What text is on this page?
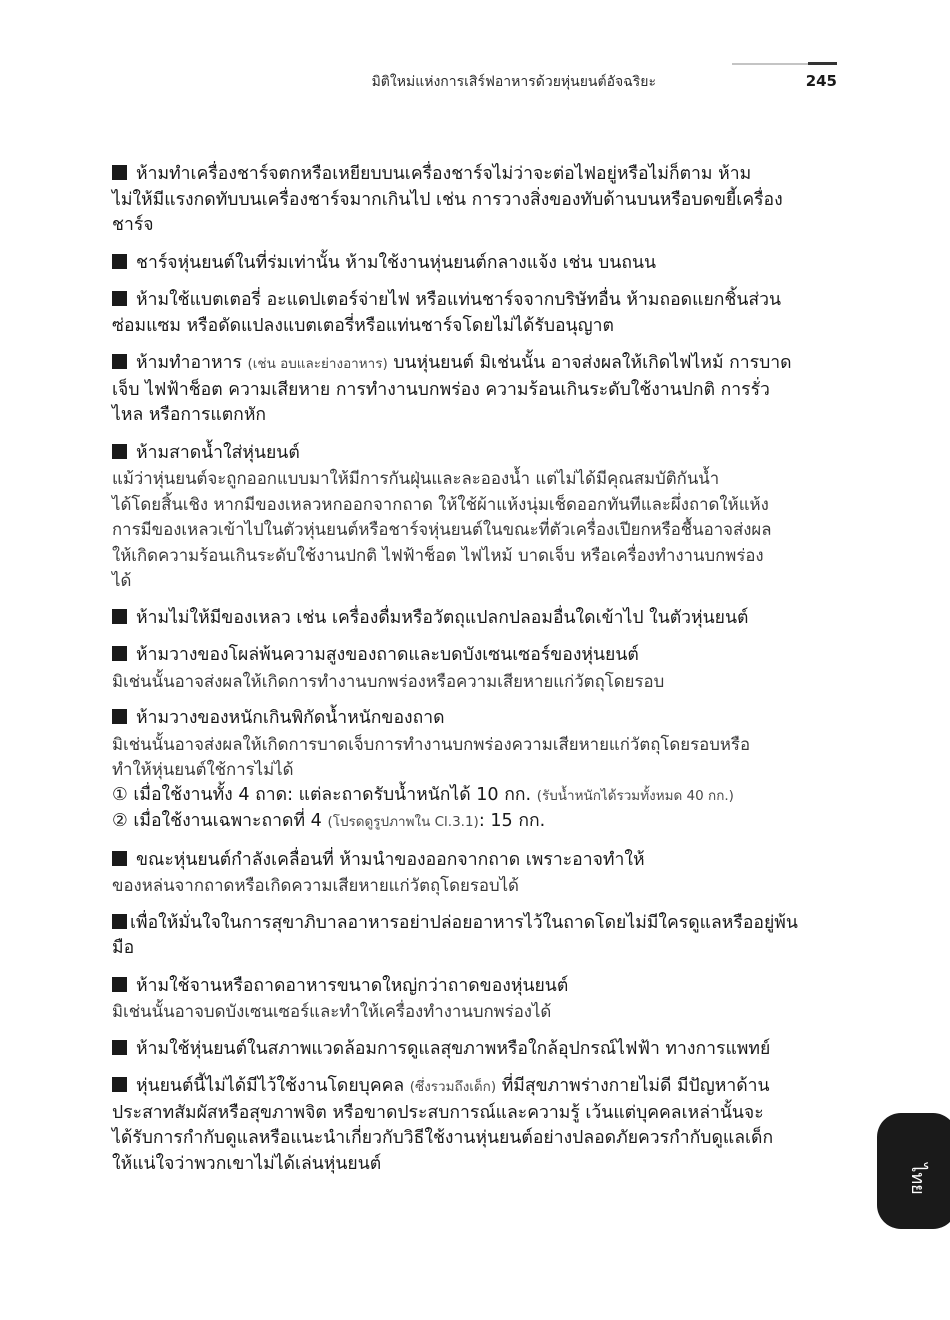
มิติใหม่แห่งการเสิร์ฟอาหารด้วยหุ่นยนต์อัจฉริยะ	245
ห้ามทำเครื่องชาร์จตกหรือเหยียบบนเครื่องชาร์จไม่ว่าจะต่อไฟอยู่หรือไม่ก็ตาม ห้าม
ไม่ให้มีแรงกดทับบนเครื่องชาร์จมากเกินไป เช่น การวางสิ่งของทับด้านบนหรือบดขยี้เครื่อง
ชาร์จ
ชาร์จหุ่นยนต์ในที่ร่มเท่านั้น ห้ามใช้งานหุ่นยนต์กลางแจ้ง เช่น บนถนน
ห้ามใช้แบตเตอรี่ อะแดปเตอร์จ่ายไฟ หรือแท่นชาร์จจากบริษัทอื่น ห้ามถอดแยกชิ้นส่วน
ซ่อมแซม หรือดัดแปลงแบตเตอรี่หรือแท่นชาร์จโดยไม่ได้รับอนุญาต
ห้ามทำอาหาร (เช่น อบและย่างอาหาร) บนหุ่นยนต์ มิเช่นนั้น อาจส่งผลให้เกิดไฟไหม้ การบาด
เจ็บ ไฟฟ้าช็อต ความเสียหาย การทำงานบกพร่อง ความร้อนเกินระดับใช้งานปกติ การรั่ว
ไหล หรือการแตกหัก
ห้ามสาดน้ำใส่หุ่นยนต์
แม้ว่าหุ่นยนต์จะถูกออกแบบมาให้มีการกันฝุ่นและละอองน้ำ แต่ไม่ได้มีคุณสมบัติกันน้ำ
ได้โดยสิ้นเชิง หากมีของเหลวหกออกจากถาด ให้ใช้ผ้าแห้งนุ่มเช็ดออกทันทีและผึ่งถาดให้แห้ง
การมีของเหลวเข้าไปในตัวหุ่นยนต์หรือชาร์จหุ่นยนต์ในขณะที่ตัวเครื่องเปียกหรือชื้นอาจส่งผล
ให้เกิดความร้อนเกินระดับใช้งานปกติ ไฟฟ้าช็อต ไฟไหม้ บาดเจ็บ หรือเครื่องทำงานบกพร่อง
ได้
ห้ามไม่ให้มีของเหลว เช่น เครื่องดื่มหรือวัตถุแปลกปลอมอื่นใดเข้าไป ในตัวหุ่นยนต์
ห้ามวางของโผล่พ้นความสูงของถาดและบดบังเซนเซอร์ของหุ่นยนต์
มิเช่นนั้นอาจส่งผลให้เกิดการทำงานบกพร่องหรือความเสียหายแก่วัตถุโดยรอบ
ห้ามวางของหนักเกินพิกัดน้ำหนักของถาด
มิเช่นนั้นอาจส่งผลให้เกิดการบาดเจ็บการทำงานบกพร่องความเสียหายแก่วัตถุโดยรอบหรือ
ทำให้หุ่นยนต์ใช้การไม่ได้
① เมื่อใช้งานทั้ง 4 ถาด: แต่ละถาดรับน้ำหนักได้ 10 กก. (รับน้ำหนักได้รวมทั้งหมด 40 กก.)
② เมื่อใช้งานเฉพาะถาดที่ 4 (โปรดดูรูปภาพใน Cl.3.1): 15 กก.
ขณะหุ่นยนต์กำลังเคลื่อนที่ ห้ามนำของออกจากถาด เพราะอาจทำให้
ของหล่นจากถาดหรือเกิดความเสียหายแก่วัตถุโดยรอบได้
เพื่อให้มั่นใจในการสุขาภิบาลอาหารอย่าปล่อยอาหารไว้ในถาดโดยไม่มีใครดูแลหรืออยู่พ้น
มือ
ห้ามใช้จานหรือถาดอาหารขนาดใหญ่กว่าถาดของหุ่นยนต์
มิเช่นนั้นอาจบดบังเซนเซอร์และทำให้เครื่องทำงานบกพร่องได้
ห้ามใช้หุ่นยนต์ในสภาพแวดล้อมการดูแลสุขภาพหรือใกล้อุปกรณ์ไฟฟ้า ทางการแพทย์
หุ่นยนต์นี้ไม่ได้มีไว้ใช้งานโดยบุคคล (ซึ่งรวมถึงเด็ก) ที่มีสุขภาพร่างกายไม่ดี มีปัญหาด้าน
ประสาทสัมผัสหรือสุขภาพจิต หรือขาดประสบการณ์และความรู้ เว้นแต่บุคคลเหล่านั้นจะ
ได้รับการกำกับดูแลหรือแนะนำเกี่ยวกับวิธีใช้งานหุ่นยนต์อย่างปลอดภัยควรกำกับดูแลเด็ก
ให้แน่ใจว่าพวกเขาไม่ได้เล่นหุ่นยนต์	ไทย
